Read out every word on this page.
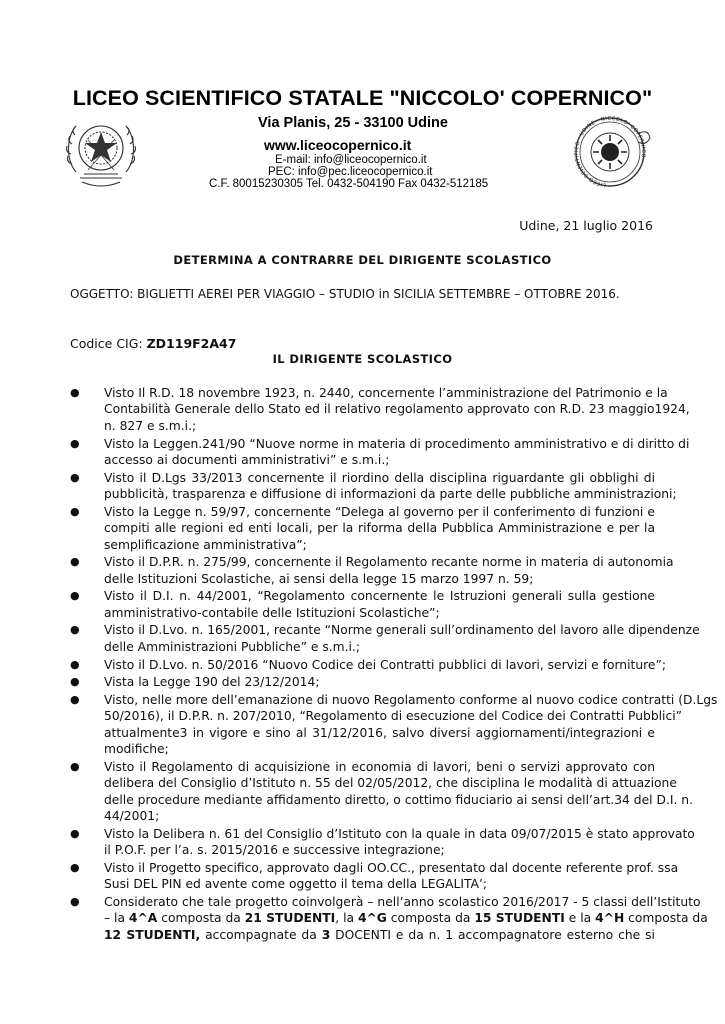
LICEO SCIENTIFICO STATALE "NICCOLO' COPERNICO"
LICEO SCIENTIFICO · UDINE · NICCOLO' COPERNICO
Via Planis, 25 - 33100 Udine
www.liceocopernico.it
E-mail: info@liceocopernico.it
PEC: info@pec.liceocopernico.it
C.F. 80015230305 Tel. 0432-504190 Fax 0432-512185
Udine, 21 luglio 2016
DETERMINA A CONTRARRE DEL DIRIGENTE SCOLASTICO
OGGETTO: BIGLIETTI AEREI PER VIAGGIO – STUDIO in SICILIA SETTEMBRE – OTTOBRE 2016.
Codice CIG: ZD119F2A47
IL DIRIGENTE SCOLASTICO
● Visto Il R.D. 18 novembre 1923, n. 2440, concernente l’amministrazione del Patrimonio e la
Contabilità Generale dello Stato ed il relativo regolamento approvato con R.D. 23 maggio1924,
n. 827 e s.m.i.;
● Visto la Leggen.241/90 “Nuove norme in materia di procedimento amministrativo e di diritto di
accesso ai documenti amministrativi” e s.m.i.;
● Visto il D.Lgs 33/2013 concernente il riordino della disciplina riguardante gli obblighi di
pubblicità, trasparenza e diffusione di informazioni da parte delle pubbliche amministrazioni;
● Visto la Legge n. 59/97, concernente “Delega al governo per il conferimento di funzioni e
compiti alle regioni ed enti locali, per la riforma della Pubblica Amministrazione e per la
semplificazione amministrativa”;
● Visto il D.P.R. n. 275/99, concernente il Regolamento recante norme in materia di autonomia
delle Istituzioni Scolastiche, ai sensi della legge 15 marzo 1997 n. 59;
● Visto il D.I. n. 44/2001, “Regolamento concernente le Istruzioni generali sulla gestione
amministrativo-contabile delle Istituzioni Scolastiche”;
● Visto il D.Lvo. n. 165/2001, recante “Norme generali sull’ordinamento del lavoro alle dipendenze
delle Amministrazioni Pubbliche” e s.m.i.;
● Visto il D.Lvo. n. 50/2016 “Nuovo Codice dei Contratti pubblici di lavori, servizi e forniture”;
● Vista la Legge 190 del 23/12/2014;
● Visto, nelle more dell’emanazione di nuovo Regolamento conforme al nuovo codice contratti (D.Lgs
50/2016), il D.P.R. n. 207/2010, “Regolamento di esecuzione del Codice dei Contratti Pubblici”
attualmente3 in vigore e sino al 31/12/2016, salvo diversi aggiornamenti/integrazioni e
modifiche;
● Visto il Regolamento di acquisizione in economia di lavori, beni o servizi approvato con
delibera del Consiglio d’Istituto n. 55 del 02/05/2012, che disciplina le modalità di attuazione
delle procedure mediante affidamento diretto, o cottimo fiduciario ai sensi dell’art.34 del D.I. n.
44/2001;
● Visto la Delibera n. 61 del Consiglio d’Istituto con la quale in data 09/07/2015 è stato approvato
il P.O.F. per l’a. s. 2015/2016 e successive integrazione;
● Visto il Progetto specifico, approvato dagli OO.CC., presentato dal docente referente prof. ssa
Susi DEL PIN ed avente come oggetto il tema della LEGALITA’;
● Considerato che tale progetto coinvolgerà – nell’anno scolastico 2016/2017 - 5 classi dell’Istituto
– la 4^A composta da 21 STUDENTI, la 4^G composta da 15 STUDENTI e la 4^H composta da
12 STUDENTI, accompagnate da 3 DOCENTI e da n. 1 accompagnatore esterno che si
